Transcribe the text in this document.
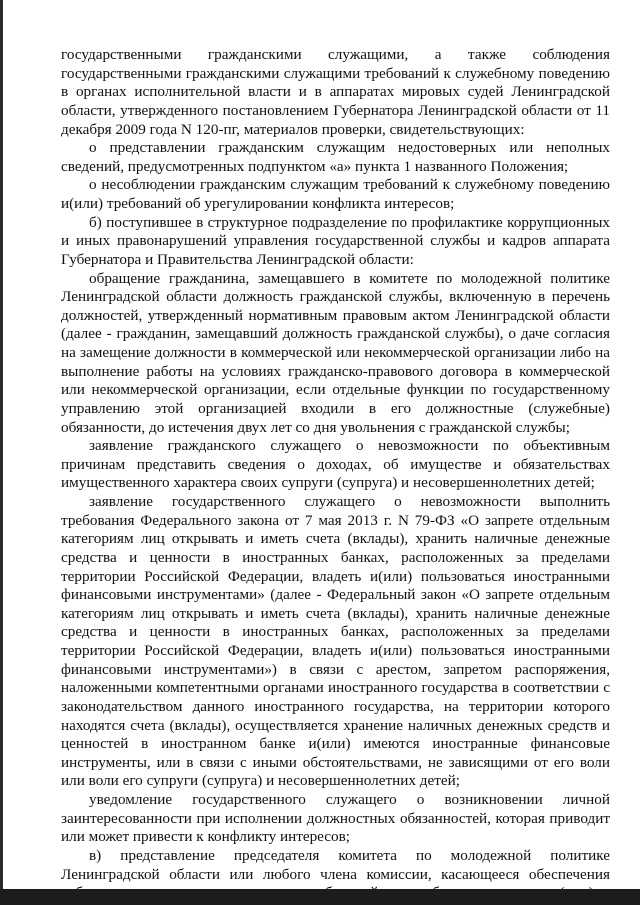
государственными гражданскими служащими, а также соблюдения государственными гражданскими служащими требований к служебному поведению в органах исполнительной власти и в аппаратах мировых судей Ленинградской области, утвержденного постановлением Губернатора Ленинградской области от 11 декабря 2009 года N 120-пг, материалов проверки, свидетельствующих:

о представлении гражданским служащим недостоверных или неполных сведений, предусмотренных подпунктом «а» пункта 1 названного Положения;

о несоблюдении гражданским служащим требований к служебному поведению и(или) требований об урегулировании конфликта интересов;

б) поступившее в структурное подразделение по профилактике коррупционных и иных правонарушений управления государственной службы и кадров аппарата Губернатора и Правительства Ленинградской области:

обращение гражданина, замещавшего в комитете по молодежной политике Ленинградской области должность гражданской службы, включенную в перечень должностей, утвержденный нормативным правовым актом Ленинградской области (далее - гражданин, замещавший должность гражданской службы), о даче согласия на замещение должности в коммерческой или некоммерческой организации либо на выполнение работы на условиях гражданско-правового договора в коммерческой или некоммерческой организации, если отдельные функции по государственному управлению этой организацией входили в его должностные (служебные) обязанности, до истечения двух лет со дня увольнения с гражданской службы;

заявление гражданского служащего о невозможности по объективным причинам представить сведения о доходах, об имуществе и обязательствах имущественного характера своих супруги (супруга) и несовершеннолетних детей;

заявление государственного служащего о невозможности выполнить требования Федерального закона от 7 мая 2013 г. N 79-ФЗ «О запрете отдельным категориям лиц открывать и иметь счета (вклады), хранить наличные денежные средства и ценности в иностранных банках, расположенных за пределами территории Российской Федерации, владеть и(или) пользоваться иностранными финансовыми инструментами» (далее - Федеральный закон «О запрете отдельным категориям лиц открывать и иметь счета (вклады), хранить наличные денежные средства и ценности в иностранных банках, расположенных за пределами территории Российской Федерации, владеть и(или) пользоваться иностранными финансовыми инструментами») в связи с арестом, запретом распоряжения, наложенными компетентными органами иностранного государства в соответствии с законодательством данного иностранного государства, на территории которого находятся счета (вклады), осуществляется хранение наличных денежных средств и ценностей в иностранном банке и(или) имеются иностранные финансовые инструменты, или в связи с иными обстоятельствами, не зависящими от его воли или воли его супруги (супруга) и несовершеннолетних детей;

уведомление государственного служащего о возникновении личной заинтересованности при исполнении должностных обязанностей, которая приводит или может привести к конфликту интересов;

в) представление председателя комитета по молодежной политике Ленинградской области или любого члена комиссии, касающееся обеспечения
